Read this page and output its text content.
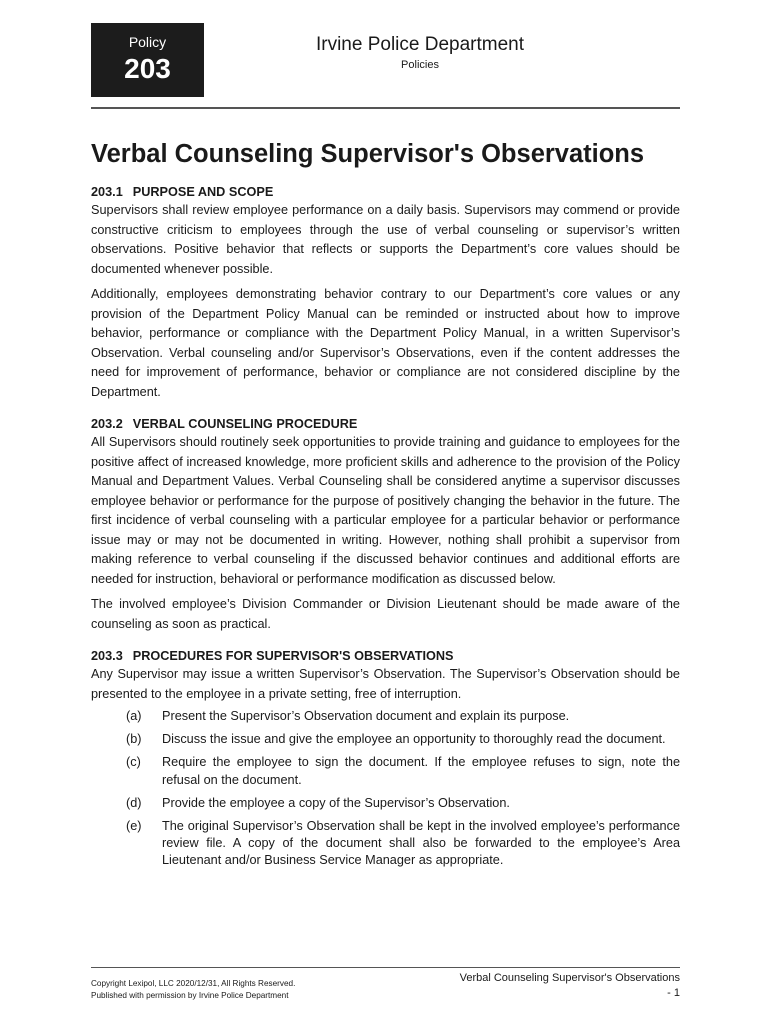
Policy
203
Irvine Police Department
Policies
Verbal Counseling Supervisor's Observations
203.1 PURPOSE AND SCOPE

Supervisors shall review employee performance on a daily basis. Supervisors may commend or provide constructive criticism to employees through the use of verbal counseling or supervisor’s written observations. Positive behavior that reflects or supports the Department’s core values should be documented whenever possible.

Additionally, employees demonstrating behavior contrary to our Department’s core values or any provision of the Department Policy Manual can be reminded or instructed about how to improve behavior, performance or compliance with the Department Policy Manual, in a written Supervisor’s Observation. Verbal counseling and/or Supervisor’s Observations, even if the content addresses the need for improvement of performance, behavior or compliance are not considered discipline by the Department.

203.2 VERBAL COUNSELING PROCEDURE

All Supervisors should routinely seek opportunities to provide training and guidance to employees for the positive affect of increased knowledge, more proficient skills and adherence to the provision of the Policy Manual and Department Values. Verbal Counseling shall be considered anytime a supervisor discusses employee behavior or performance for the purpose of positively changing the behavior in the future. The first incidence of verbal counseling with a particular employee for a particular behavior or performance issue may or may not be documented in writing. However, nothing shall prohibit a supervisor from making reference to verbal counseling if the discussed behavior continues and additional efforts are needed for instruction, behavioral or performance modification as discussed below.

The involved employee’s Division Commander or Division Lieutenant should be made aware of the counseling as soon as practical.

203.3 PROCEDURES FOR SUPERVISOR'S OBSERVATIONS

Any Supervisor may issue a written Supervisor’s Observation. The Supervisor’s Observation should be presented to the employee in a private setting, free of interruption.

(a)	Present the Supervisor’s Observation document and explain its purpose.
(b)	Discuss the issue and give the employee an opportunity to thoroughly read the document.
(c)	Require the employee to sign the document. If the employee refuses to sign, note the refusal on the document.
(d)	Provide the employee a copy of the Supervisor’s Observation.
(e)	The original Supervisor’s Observation shall be kept in the involved employee’s performance review file. A copy of the document shall also be forwarded to the employee’s Area Lieutenant and/or Business Service Manager as appropriate.
Copyright Lexipol, LLC 2020/12/31, All Rights Reserved.
Published with permission by Irvine Police Department
Verbal Counseling Supervisor's Observations
- 1
